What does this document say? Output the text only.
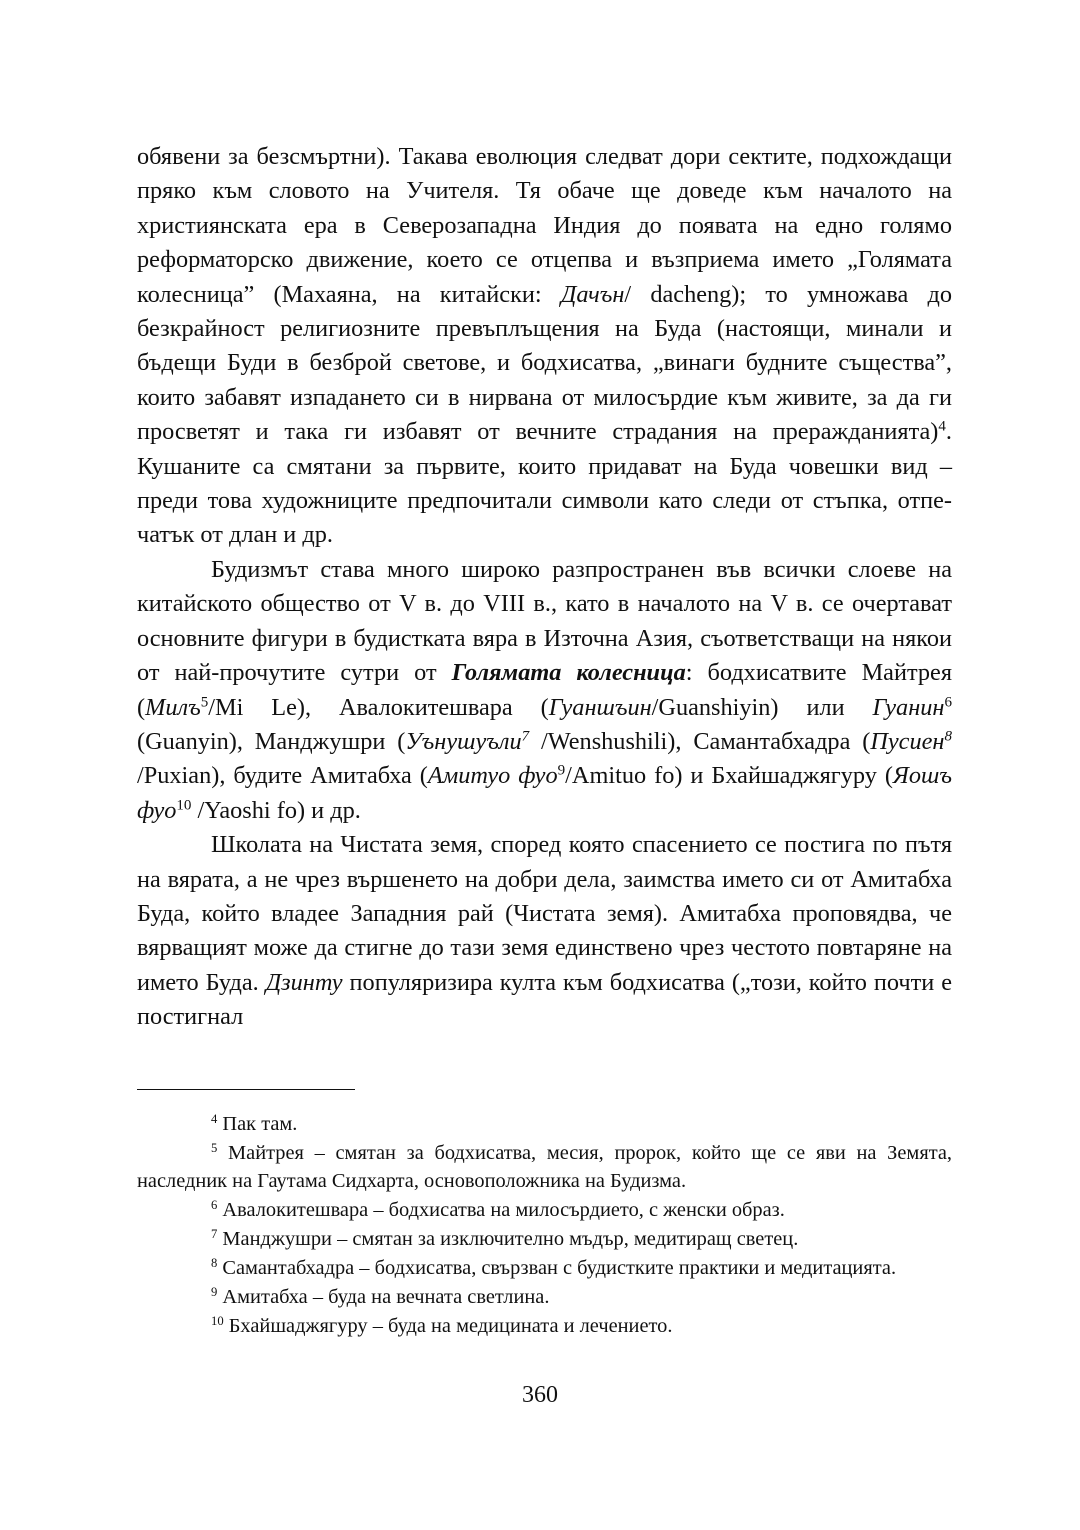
обявени за безсмъртни). Такава еволюция следват дори сектите, подхождащи пряко към словото на Учителя. Тя обаче ще доведе към началото на християнската ера в Северозападна Индия до появата на едно голямо реформаторско движение, което се отцепва и възприема името „Голямата колесница” (Махаяна, на китайски: Дачън/ dacheng); то умножава до безкрайност религиозните превъплъщения на Буда (настоящи, минали и бъдещи Буди в безброй светове, и бодхисатва, „винаги будните същества”, които забавят изпадането си в нирвана от милосърдие към живите, за да ги просветят и така ги избавят от вечните страдания на преражданията)$^4$. Кушаните са смятани за първите, които придават на Буда човешки вид – преди това художниците предпочитали символи като следи от стъпка, отпечатък от длан и др.

Будизмът става много широко разпространен във всички слоеве на китайското общество от V в. до VIII в., като в началото на V в. се очертават основните фигури в будистката вяра в Източна Азия, съответстващи на някои от най-прочутите сутри от Голямата колесница: бодхисатвите Майтрея (Милъ$^5$/Mi Le), Авалокитешвара (Гуаншъин/Guanshiyin) или Гуанин$^6$ (Guanyin), Манджушри (Уънушуъли$^7$ /Wenshushili), Самантабхадра (Пусиен$^8$ /Puxian), будите Амитабха (Амитуо фуо$^9$/Amituo fo) и Бхайшаджягуру (Яошъ фуо$^{10}$ /Yaoshi fo) и др.

Школата на Чистата земя, според която спасението се постига по пътя на вярата, а не чрез вършенето на добри дела, заимства името си от Амитабха Буда, който владее Западния рай (Чистата земя). Амитабха проповядва, че вярващият може да стигне до тази земя единствено чрез честото повтаряне на името Буда. Дзинту популяризира култа към бодхисатва („този, който почти е постигнал

$^4$ Пак там.

$^5$ Майтрея – смятан за бодхисатва, месия, пророк, който ще се яви на Земята, наследник на Гаутама Сидхарта, основоположника на Будизма.

$^6$ Авалокитешвара – бодхисатва на милосърдието, с женски образ.

$^7$ Манджушри – смятан за изключително мъдър, медитиращ светец.

$^8$ Самантабхадра – бодхисатва, свързван с будистките практики и медитацията.

$^9$ Амитабха – буда на вечната светлина.

$^{10}$ Бхайшаджягуру – буда на медицината и лечението.

360
